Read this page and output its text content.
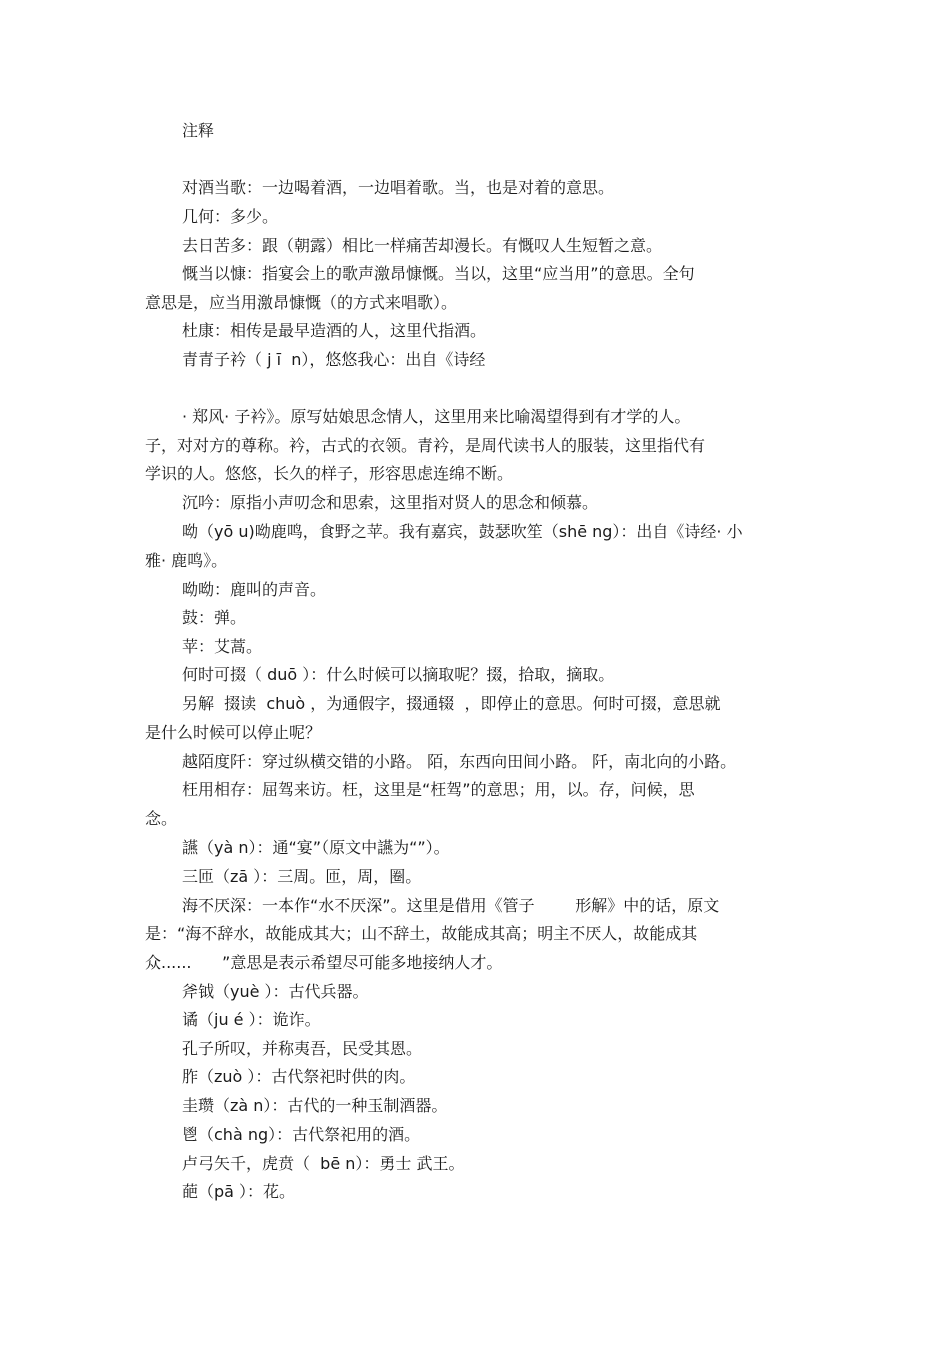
注释
对酒当歌：一边喝着酒，一边唱着歌。当，也是对着的意思。
几何：多少。
去日苦多：跟（朝露）相比一样痛苦却漫长。有慨叹人生短暂之意。
慨当以慷：指宴会上的歌声激昂慷慨。当以，这里“应当用”的意思。全句
意思是，应当用激昂慷慨（的方式来唱歌）。
杜康：相传是最早造酒的人，这里代指酒。
青青子衿（ j ī  n），悠悠我心：出自《诗经
· 郑风· 子衿》。原写姑娘思念情人，这里用来比喻渴望得到有才学的人。
子，对对方的尊称。衿，古式的衣领。青衿，是周代读书人的服装，这里指代有
学识的人。悠悠，长久的样子，形容思虑连绵不断。
沉吟：原指小声叨念和思索，这里指对贤人的思念和倾慕。
呦（yō u)呦鹿鸣，食野之苹。我有嘉宾，鼓瑟吹笙（shē ng）：出自《诗经· 小
雅· 鹿鸣》。
呦呦：鹿叫的声音。
鼓：弹。
苹：艾蒿。
何时可掇（ duō ）：什么时候可以摘取呢？掇，拾取，摘取。
另解  掇读  chuò ，为通假字，掇通辍  ，即停止的意思。何时可掇，意思就
是什么时候可以停止呢？
越陌度阡：穿过纵横交错的小路。 陌，东西向田间小路。 阡，南北向的小路。
枉用相存：屈驾来访。枉，这里是“枉驾”的意思；用，以。存，问候，思
念。
讌（yà n）：通“宴”（原文中讌为“”）。
三匝（zā ）：三周。匝，周，圈。
海不厌深：一本作“水不厌深”。这里是借用《管子        形解》中的话，原文
是：“海不辞水，故能成其大；山不辞土，故能成其高；明主不厌人，故能成其
众......      ”意思是表示希望尽可能多地接纳人才。
斧钺（yuè ）：古代兵器。
谲（ju é ）：诡诈。
孔子所叹，并称夷吾，民受其恩。
胙（zuò ）：古代祭祀时供的肉。
圭瓒（zà n）：古代的一种玉制酒器。
鬯（chà ng）：古代祭祀用的酒。
卢弓矢千，虎贲（  bē n）：勇士 武王。
葩（pā ）：花。
